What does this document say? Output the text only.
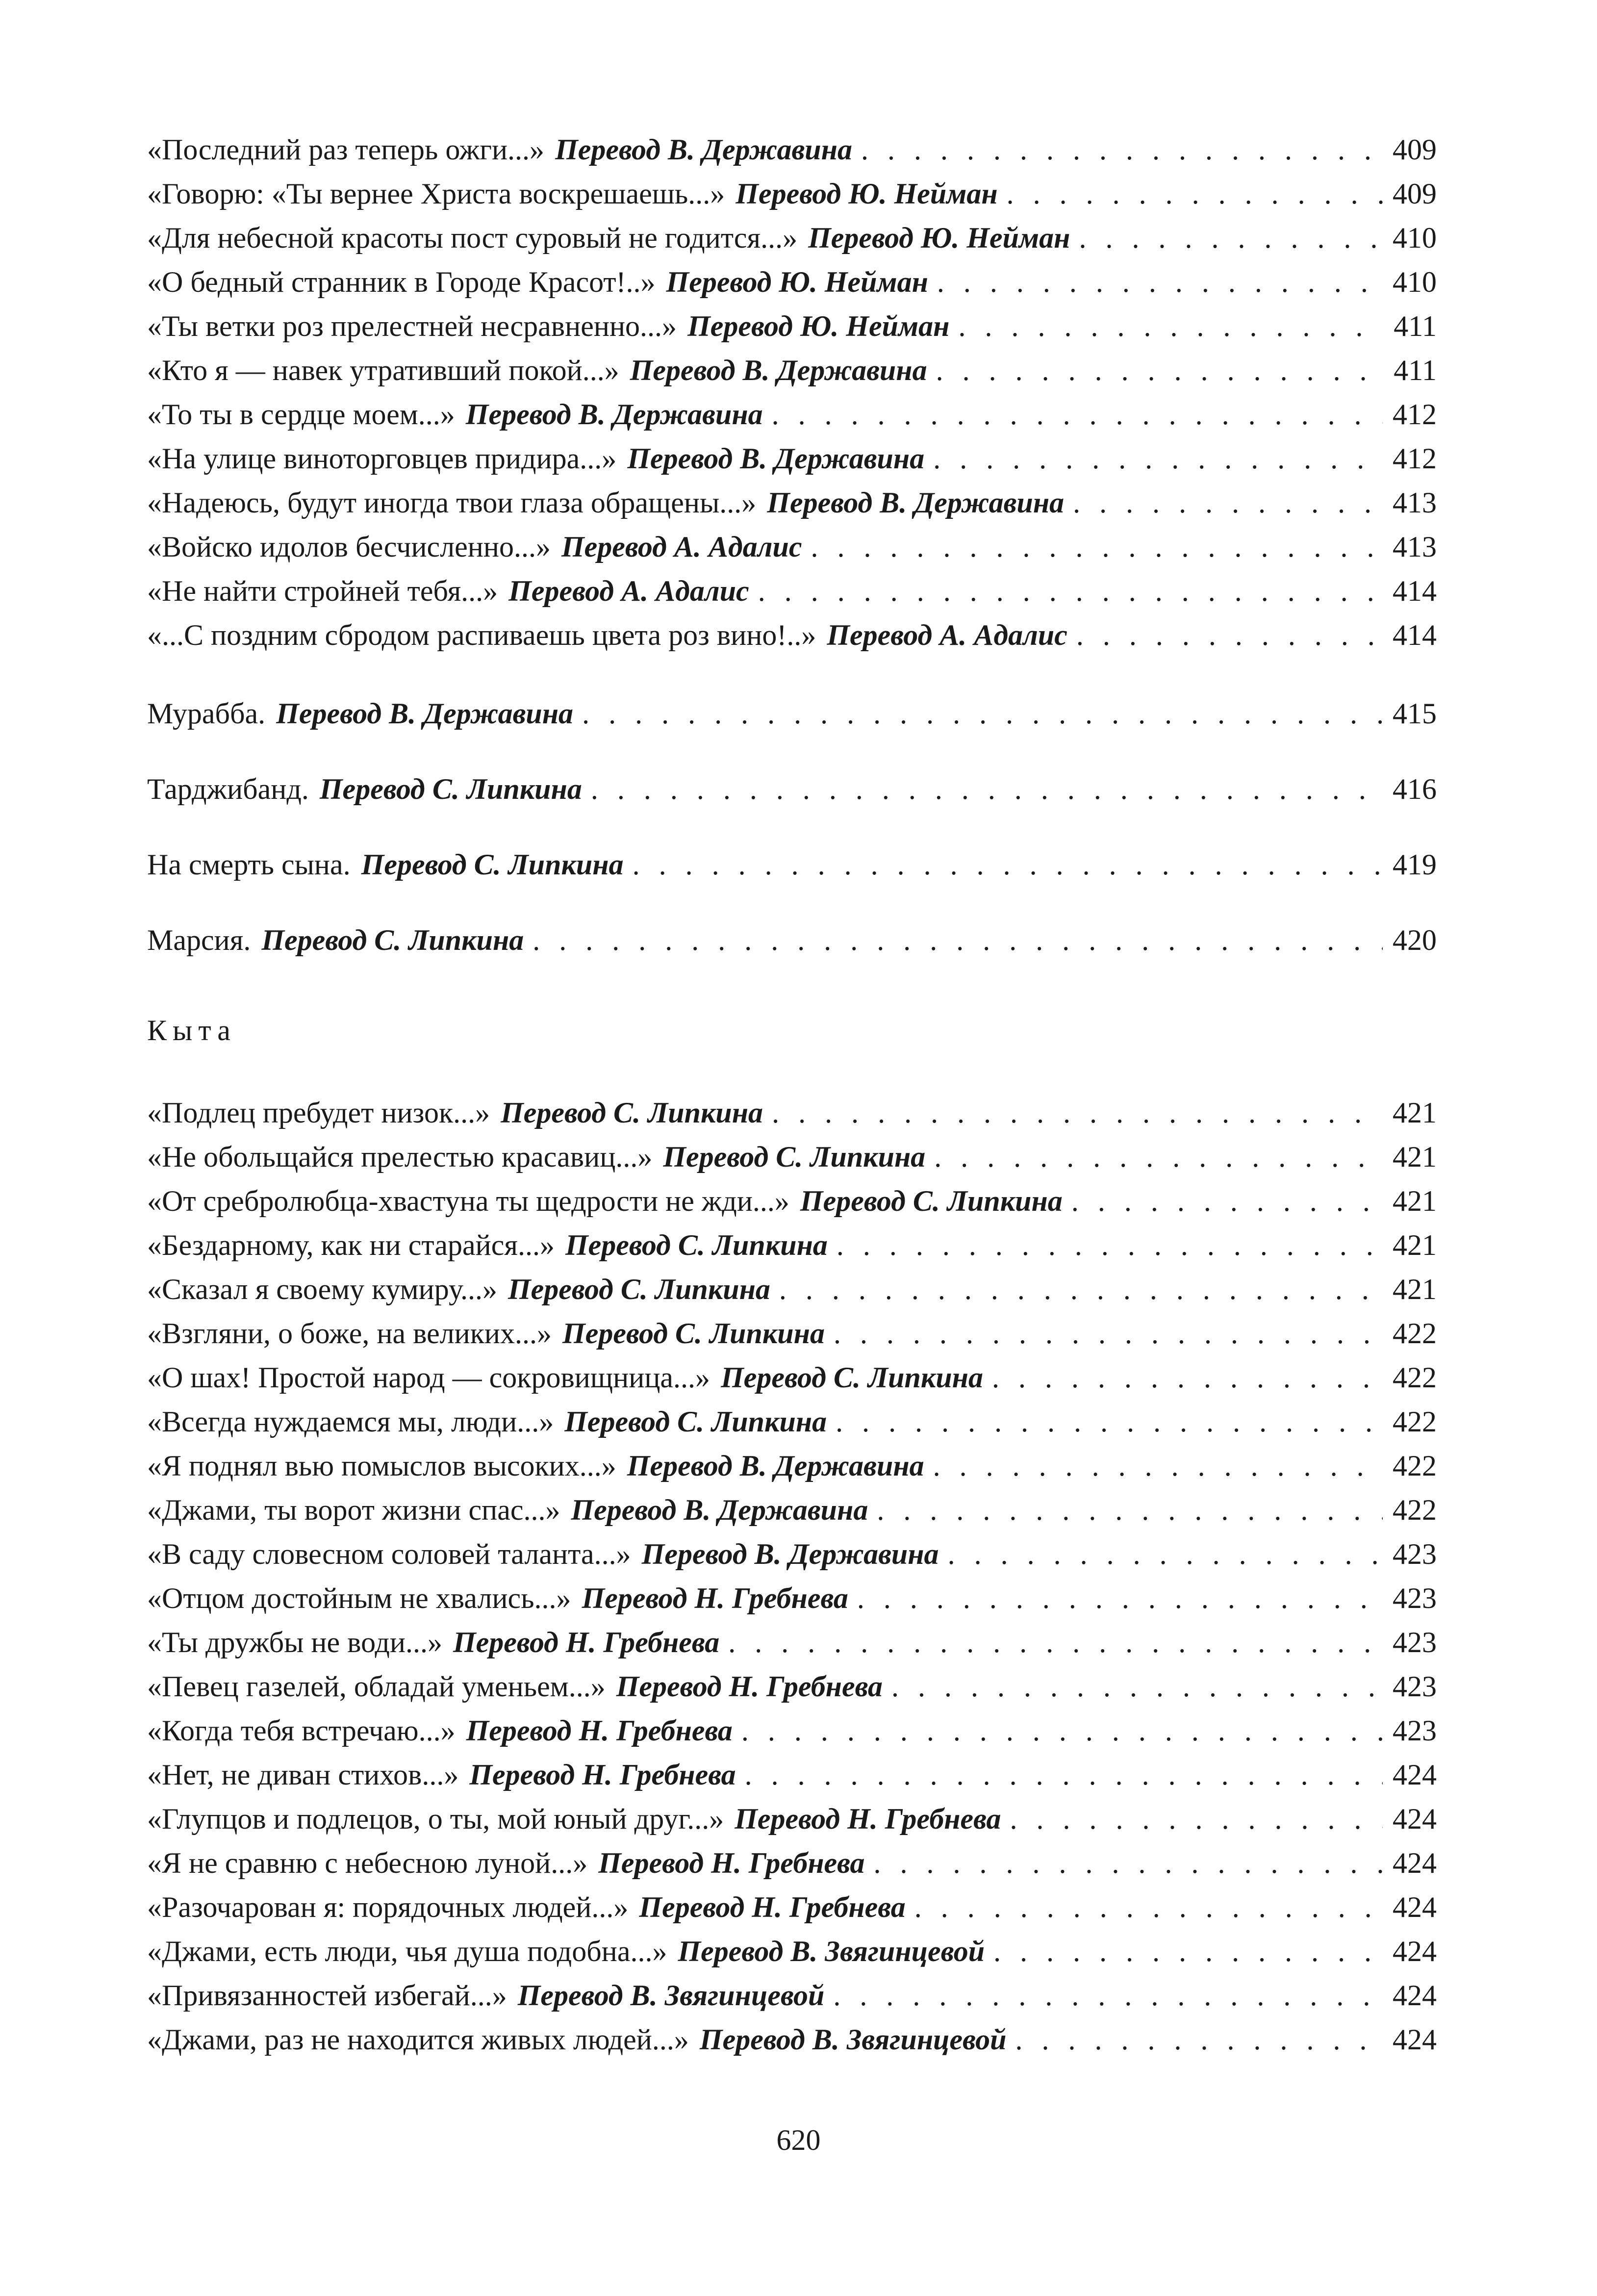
«Последний раз теперь ожги...» Перевод В. Державина . . .	409
«Говорю: «Ты вернее Христа воскрешаешь...» Перевод Ю. Нейман . . .	409
«Для небесной красоты пост суровый не годится...» Перевод Ю. Нейман . . .	410
«О бедный странник в Городе Красот!..» Перевод Ю. Нейман . . .	410
«Ты ветки роз прелестней несравненно...» Перевод Ю. Нейман . . .	411
«Кто я — навек утративший покой...» Перевод В. Державина . . .	411
«То ты в сердце моем...» Перевод В. Державина . . .	412
«На улице виноторговцев придира...» Перевод В. Державина . . .	412
«Надеюсь, будут иногда твои глаза обращены...» Перевод В. Державина . . .	413
«Войско идолов бесчисленно...» Перевод А. Адалис . . .	413
«Не найти стройней тебя...» Перевод А. Адалис . . .	414
«...С поздним сбродом распиваешь цвета роз вино!..» Перевод А. Адалис . . .	414
Мурабба. Перевод В. Державина . . .	415
Тарджибанд. Перевод С. Липкина . . .	416
На смерть сына. Перевод С. Липкина . . .	419
Марсия. Перевод С. Липкина . . .	420
Кыта
«Подлец пребудет низок...» Перевод С. Липкина . . .	421
«Не обольщайся прелестью красавиц...» Перевод С. Липкина . . .	421
«От сребролюбца-хвастуна ты щедрости не жди...» Перевод С. Липкина . . .	421
«Бездарному, как ни старайся...» Перевод С. Липкина . . .	421
«Сказал я своему кумиру...» Перевод С. Липкина . . .	421
«Взгляни, о боже, на великих...» Перевод С. Липкина . . .	422
«О шах! Простой народ — сокровищница...» Перевод С. Липкина . . .	422
«Всегда нуждаемся мы, люди...» Перевод С. Липкина . . .	422
«Я поднял вью помыслов высоких...» Перевод В. Державина . . .	422
«Джами, ты ворот жизни спас...» Перевод В. Державина . . .	422
«В саду словесном соловей таланта...» Перевод В. Державина . . .	423
«Отцом достойным не хвались...» Перевод Н. Гребнева . . .	423
«Ты дружбы не води...» Перевод Н. Гребнева . . .	423
«Певец газелей, обладай уменьем...» Перевод Н. Гребнева . . .	423
«Когда тебя встречаю...» Перевод Н. Гребнева . . .	423
«Нет, не диван стихов...» Перевод Н. Гребнева . . .	424
«Глупцов и подлецов, о ты, мой юный друг...» Перевод Н. Гребнева . . .	424
«Я не сравню с небесною луной...» Перевод Н. Гребнева . . .	424
«Разочарован я: порядочных людей...» Перевод Н. Гребнева . . .	424
«Джами, есть люди, чья душа подобна...» Перевод В. Звягинцевой . . .	424
«Привязанностей избегай...» Перевод В. Звягинцевой . . .	424
«Джами, раз не находится живых людей...» Перевод В. Звягинцевой . . .	424
620
